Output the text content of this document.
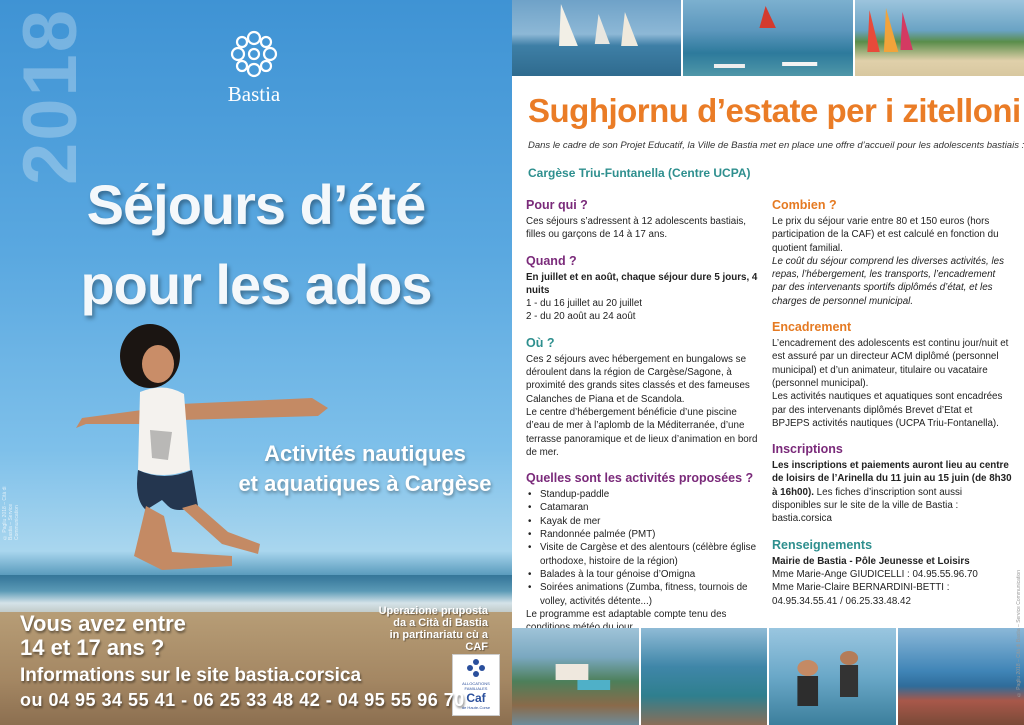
2018	Bastia
Séjours d’été
pour les ados
Activités nautiques
et aquatiques à Cargèse
Vous avez entre
14 et 17 ans ?
Uperazione pruposta
da a Cità di Bastia
in partinariatu cù a CAF
ALLOCATIONS
FAMILIALES
Caf
de Haute-Corse
Informations sur le site bastia.corsica
ou 04 95 34 55 41 - 06 25 33 48 42 - 04 95 55 96 70
© Pagliu 2018 – Cità di Bastia – Service Communication
Sughjornu d’estate per i zitelloni
Dans le cadre de son Projet Educatif, la Ville de Bastia met en place une offre d’accueil pour les adolescents bastiais :
Cargèse Triu-Funtanella (Centre UCPA)
Pour qui ?
Ces séjours s’adressent à 12 adolescents bastiais, filles ou garçons de 14 à 17 ans.
Quand ?
En juillet et en août, chaque séjour dure 5 jours, 4 nuits
1 - du 16 juillet au 20 juillet
2 - du 20 août au 24 août
Où ?
Ces 2 séjours avec hébergement en bungalows se déroulent dans la région de Cargèse/Sagone, à proximité des grands sites classés et des fameuses Calanches de Piana et de Scandola.
Le centre d’hébergement bénéficie d’une piscine d’eau de mer à l’aplomb de la Méditerranée, d’une terrasse panoramique et de lieux d’animation en bord de mer.
Quelles sont les activités proposées ?
• Standup-paddle
• Catamaran
• Kayak de mer
• Randonnée palmée (PMT)
• Visite de Cargèse et des alentours (célèbre église orthodoxe, histoire de la région)
• Balades à la tour génoise d’Omigna
• Soirées animations (Zumba, fitness, tournois de volley, activités détente...)
Le programme est adaptable compte tenu des
Combien ?
Le prix du séjour varie entre 80 et 150 euros (hors participation de la CAF) et est calculé en fonction du quotient familial.
Le coût du séjour comprend les diverses activités, les repas, l’hébergement, les transports, l’encadrement par des intervenants sportifs diplômés d’état, et les charges de personnel municipal.
Encadrement
L’encadrement des adolescents est continu jour/nuit et est assuré par un directeur ACM diplômé (personnel municipal) et d’un animateur, titulaire ou vacataire (personnel municipal).
Les activités nautiques et aquatiques sont encadrées par des intervenants diplômés Brevet d’Etat et BPJEPS activités nautiques (UCPA Triu-Fontanella).
Inscriptions
Les inscriptions et paiements auront lieu au centre de loisirs de l’Arinella du 11 juin au 15 juin (de 8h30 à 16h00). Les fiches d’inscription sont aussi disponibles sur le site de la ville de Bastia : bastia.corsica
Renseignements
Mairie de Bastia - Pôle Jeunesse et Loisirs
Mme Marie-Ange GIUDICELLI : 04.95.55.96.70
Mme Marie-Claire BERNARDINI-BETTI : 04.95.34.55.41 / 06.25.33.48.42	© Pagliu 2018 – Cità di Bastia – Service Communication
